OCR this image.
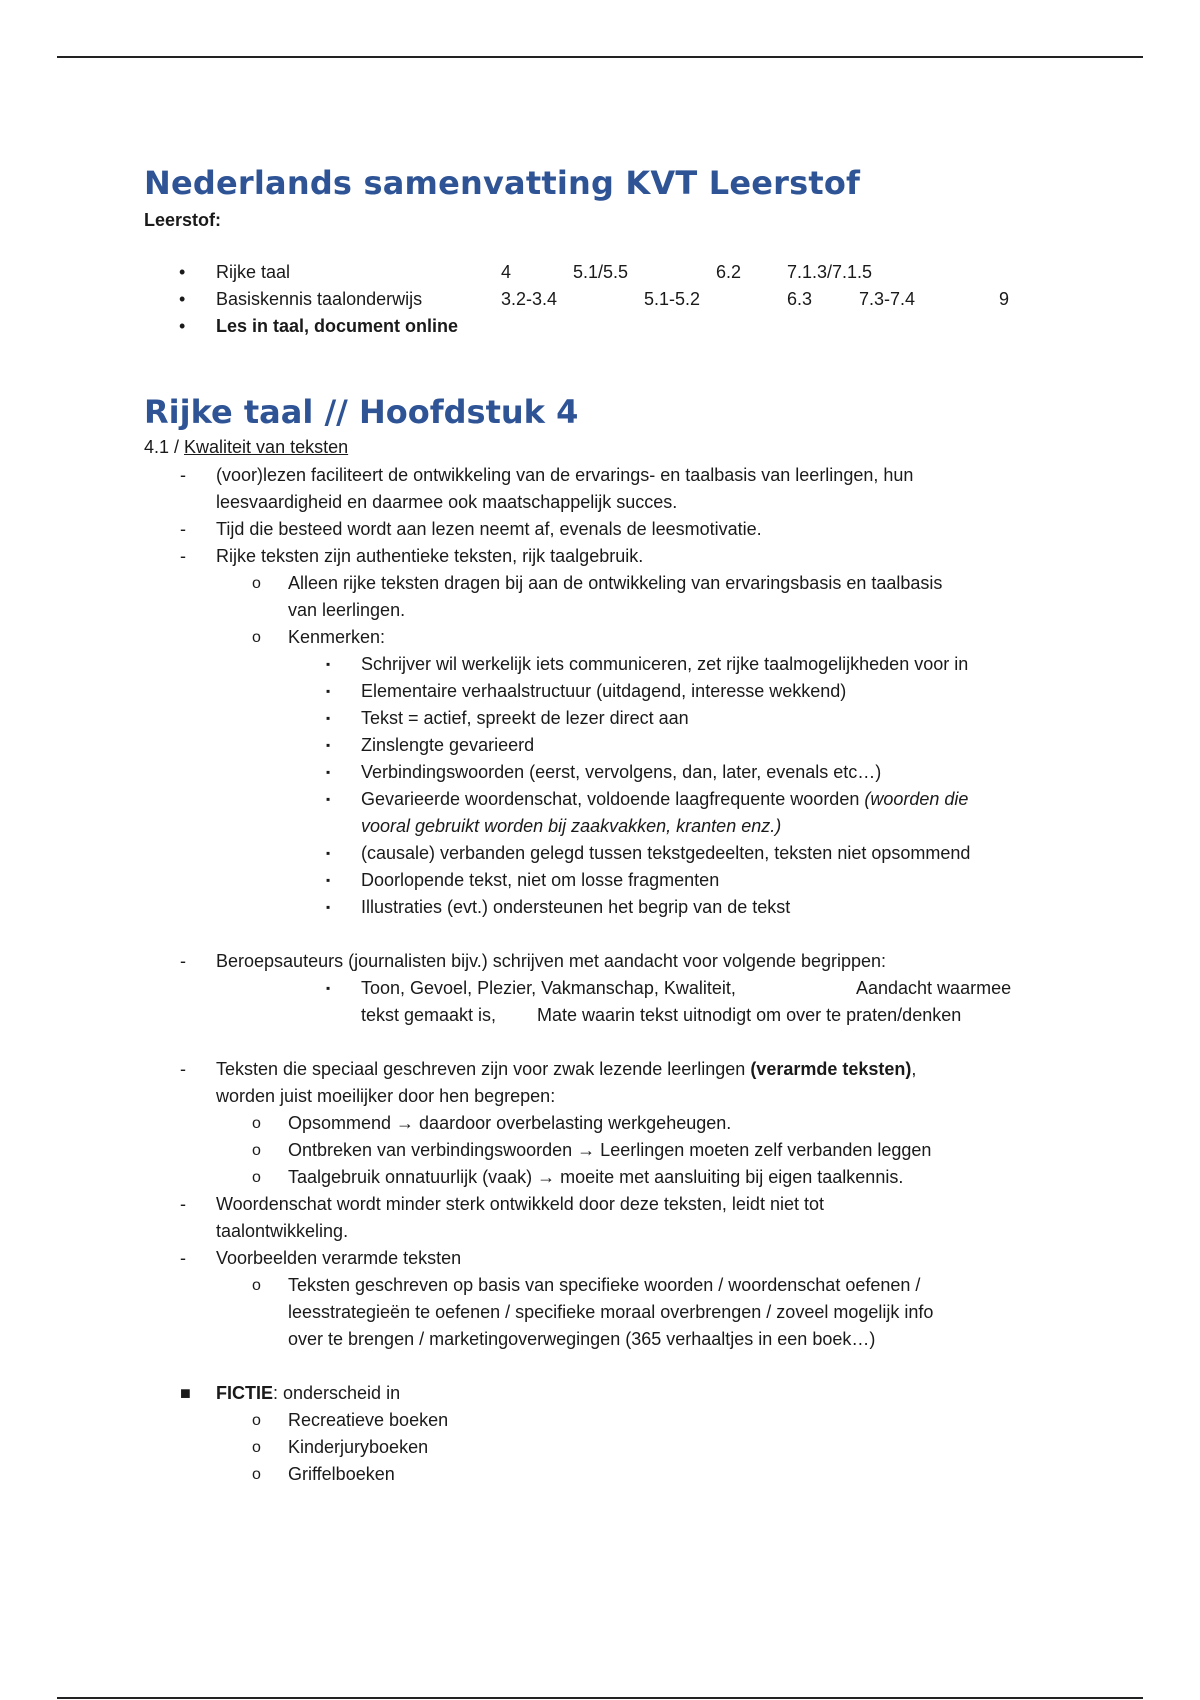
Nederlands samenvatting KVT Leerstof
Leerstof:
• Rijke taal	4	5.1/5.5	6.2	7.1.3/7.1.5
• Basiskennis taalonderwijs	3.2-3.4	5.1-5.2	6.3	7.3-7.4	9
• Les in taal, document online
Rijke taal // Hoofdstuk 4
4.1 / Kwaliteit van teksten
- (voor)lezen faciliteert de ontwikkeling van de ervarings- en taalbasis van leerlingen, hun
leesvaardigheid en daarmee ook maatschappelijk succes.
- Tijd die besteed wordt aan lezen neemt af, evenals de leesmotivatie.
- Rijke teksten zijn authentieke teksten, rijk taalgebruik.
o Alleen rijke teksten dragen bij aan de ontwikkeling van ervaringsbasis en taalbasis
van leerlingen.
o Kenmerken:
▪ Schrijver wil werkelijk iets communiceren, zet rijke taalmogelijkheden voor in
▪ Elementaire verhaalstructuur (uitdagend, interesse wekkend)
▪ Tekst = actief, spreekt de lezer direct aan
▪ Zinslengte gevarieerd
▪ Verbindingswoorden (eerst, vervolgens, dan, later, evenals etc…)
▪ Gevarieerde woordenschat, voldoende laagfrequente woorden (woorden die
vooral gebruikt worden bij zaakvakken, kranten enz.)
▪ (causale) verbanden gelegd tussen tekstgedeelten, teksten niet opsommend
▪ Doorlopende tekst, niet om losse fragmenten
▪ Illustraties (evt.) ondersteunen het begrip van de tekst
- Beroepsauteurs (journalisten bijv.) schrijven met aandacht voor volgende begrippen:
▪ Toon, Gevoel, Plezier, Vakmanschap, Kwaliteit,	Aandacht waarmee
tekst gemaakt is, Mate waarin tekst uitnodigt om over te praten/denken
- Teksten die speciaal geschreven zijn voor zwak lezende leerlingen (verarmde teksten),
worden juist moeilijker door hen begrepen:
o Opsommend → daardoor overbelasting werkgeheugen.
o Ontbreken van verbindingswoorden → Leerlingen moeten zelf verbanden leggen
o Taalgebruik onnatuurlijk (vaak) → moeite met aansluiting bij eigen taalkennis.
- Woordenschat wordt minder sterk ontwikkeld door deze teksten, leidt niet tot
taalontwikkeling.
- Voorbeelden verarmde teksten
o Teksten geschreven op basis van specifieke woorden / woordenschat oefenen /
leesstrategieën te oefenen / specifieke moraal overbrengen / zoveel mogelijk info
over te brengen / marketingoverwegingen (365 verhaaltjes in een boek…)
■ FICTIE: onderscheid in
o Recreatieve boeken
o Kinderjuryboeken
o Griffelboeken
